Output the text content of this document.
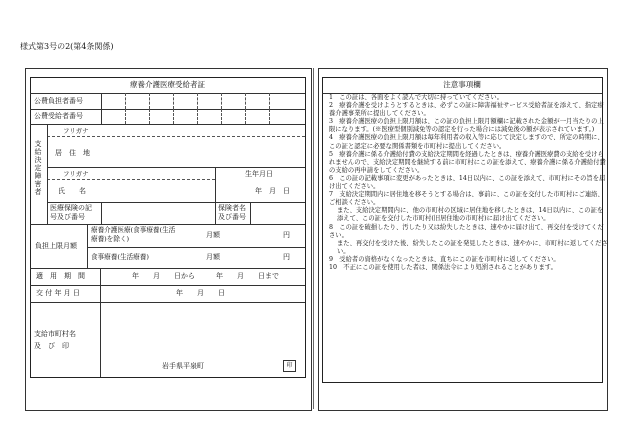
様式第3号の2(第4条関係)
療養介護医療受給者証
公費負担者番号
公費受給者番号
支給決定障害者
フリガナ
居　住　地
フリガナ	生年月日
氏　　名	年　月　日
医療保険の記号及び番号
保険者名及び番号
負担上限月額
療養介護医療(食事療養(生活療養)を除く)	月額	円
食事療養(生活療養)	月額	円
適　用　期　間	年　　月　　日から　　　年　　月　　日まで
交 付 年 月 日	年　　月　　日
支給市町村名
及　び　印
岩手県平泉町	印
注意事項欄

1　この証は、各面をよく読んで大切に持っていてください。

2　療養介護を受けようとするときは、必ずこの証に障害福祉サービス受給者証を添えて、指定療養介護事業所に提出してください。

3　療養介護医療の負担上限月額は、この証の負担上限月額欄に記載された金額が一月当たりの上限になります。(※医療型個別減免等の認定を行った場合には減免後の額が表示されています。)

4　療養介護医療の負担上限月額は毎年利用者の収入等に応じて決定しますので、所定の時期に、この証と認定に必要な関係書類を市町村に提出してください。

5　療養介護に係る介護給付費の支給決定期間を経過したときは、療養介護医療費の支給を受けられませんので、支給決定期間を継続する前に市町村にこの証を添えて、療養介護に係る介護給付費の支給の再申請をしてください。

6　この証の記載事項に変更があったときは、14日以内に、この証を添えて、市町村にその旨を届け出てください。

7　支給決定期間内に居住地を移そうとする場合は、事前に、この証を交付した市町村にご連絡、ご相談ください。

また、支給決定期間内に、他の市町村の区域に居住地を移したときは、14日以内に、この証を添えて、この証を交付した市町村(旧居住地の市町村)に届け出てください。

8　この証を破損したり、汚したり又は紛失したときは、速やかに届け出て、再交付を受けてください。

また、再交付を受けた後、紛失したこの証を発見したときは、速やかに、市町村に返してください。

9　受給者の資格がなくなったときは、直ちにこの証を市町村に返してください。

10　不正にこの証を使用した者は、関係法令により処罰されることがあります。
